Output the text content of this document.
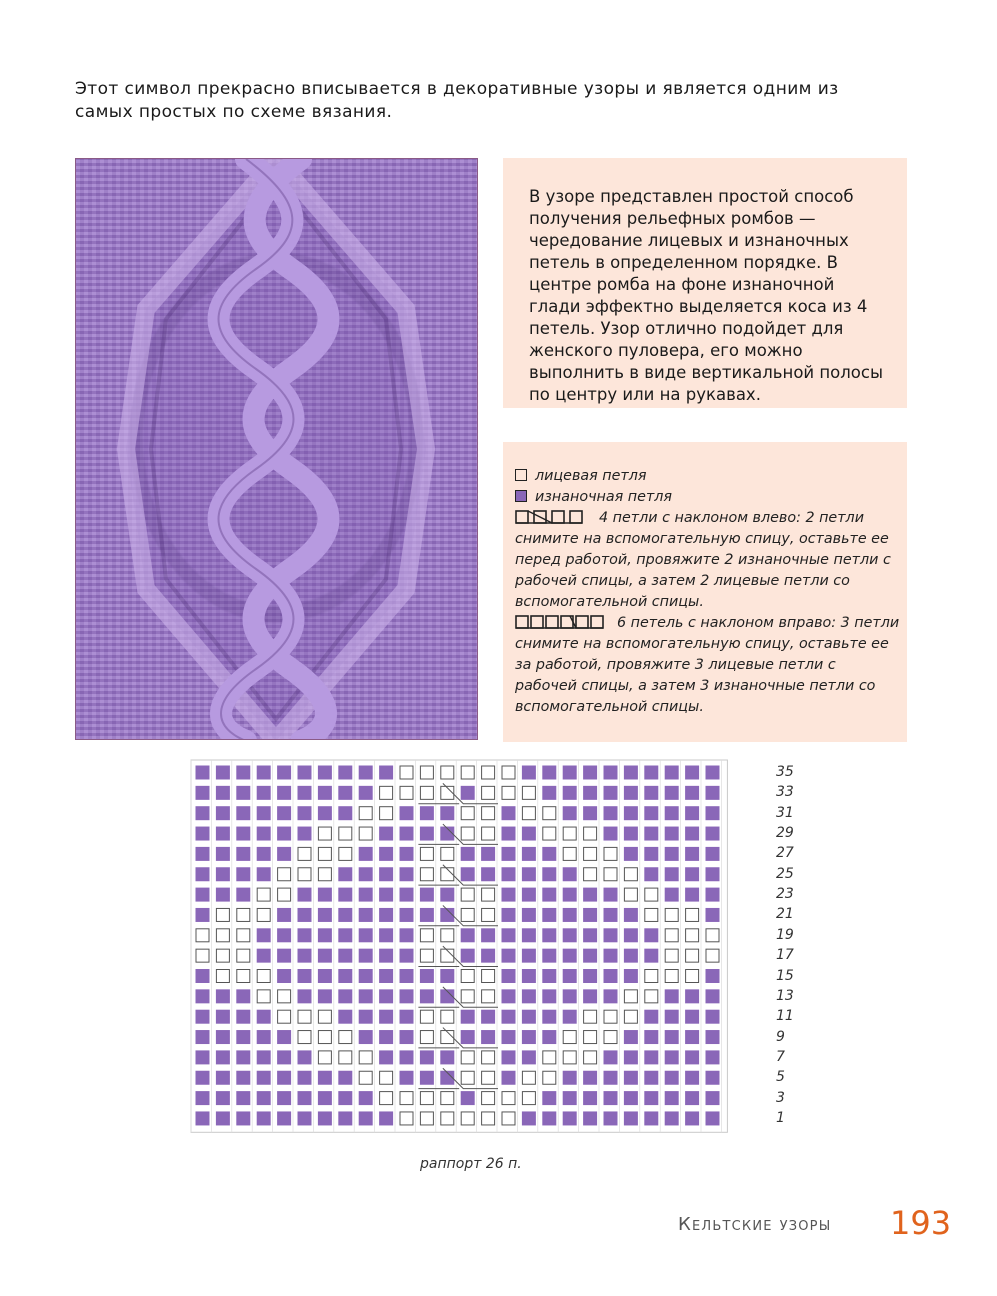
Этот символ прекрасно вписывается в декоративные узоры и является одним из самых простых по схеме вязания.

В узоре представлен простой способ получения рельефных ромбов — чередование лицевых и изнаночных петель в определенном порядке. В центре ромба на фоне изнаночной глади эффектно выделяется коса из 4 петель. Узор отлично подойдет для женского пуловера, его можно выполнить в виде вертикальной полосы по центру или на рукавах.

лицевая петля
изнаночная петля
4 петли с наклоном влево: 2 петли снимите на вспомогательную спицу, оставьте ее перед работой, провяжите 2 изнаночные петли с рабочей спицы, а затем 2 лицевые петли со вспомогательной спицы.
6 петель с наклоном вправо: 3 петли снимите на вспомогательную спицу, оставьте ее за работой, провяжите 3 лицевые петли с рабочей спицы, а затем 3 изнаночные петли со вспомогательной спицы.
35
33
31
29
27
25
23
21
19
17
15
13
11
9
7
5
3
1
раппорт 26 п.
Кельтские узоры 193
